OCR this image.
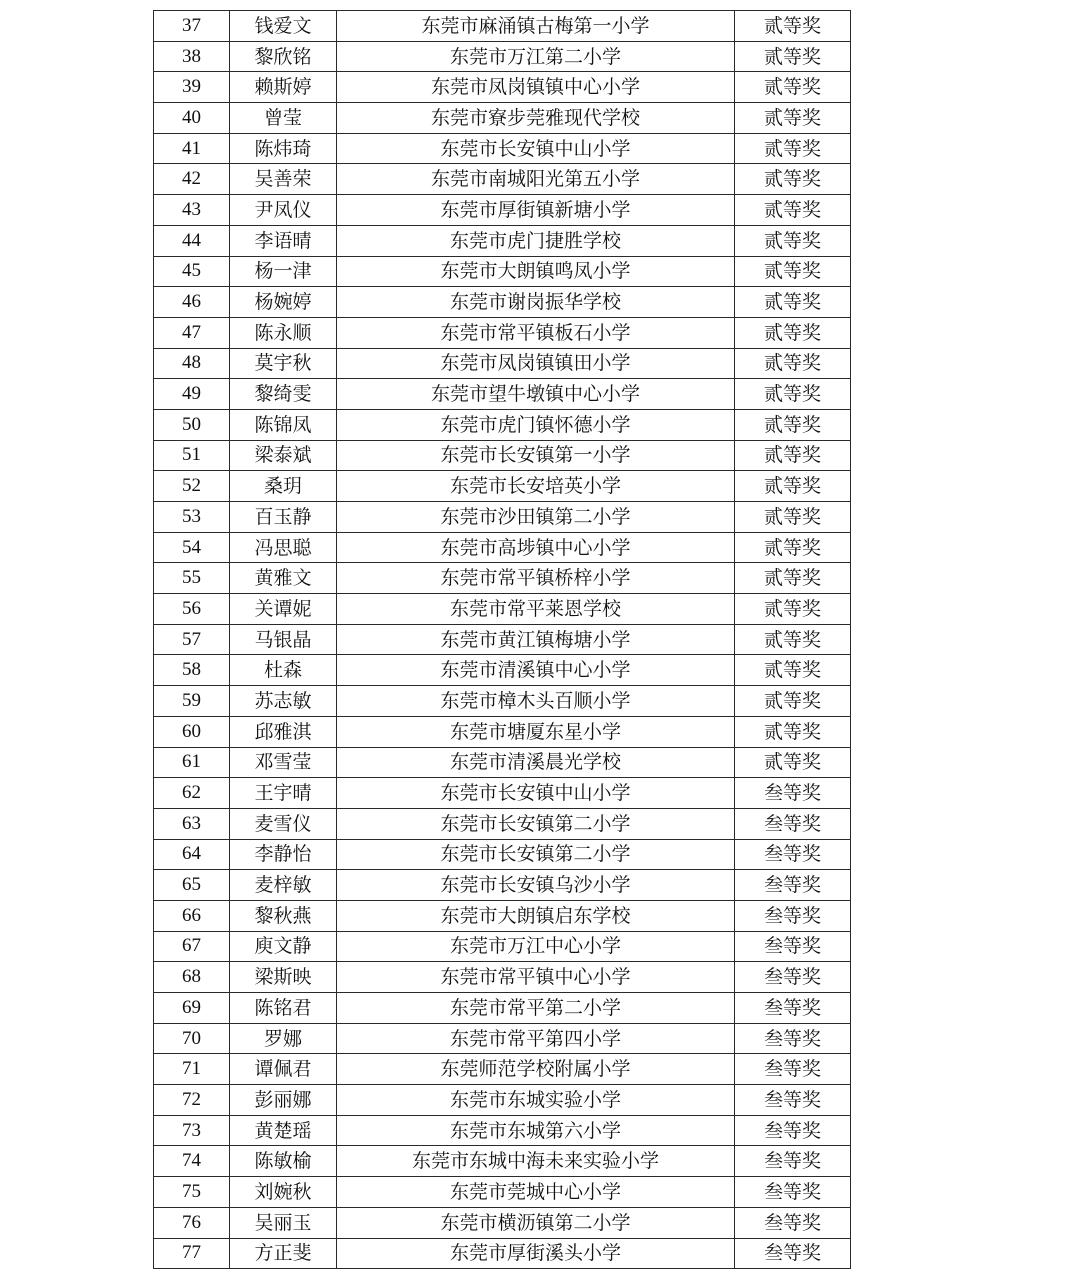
37	钱爱文	东莞市麻涌镇古梅第一小学	贰等奖
38	黎欣铭	东莞市万江第二小学	贰等奖
39	赖斯婷	东莞市凤岗镇镇中心小学	贰等奖
40	曾莹	东莞市寮步莞雅现代学校	贰等奖
41	陈炜琦	东莞市长安镇中山小学	贰等奖
42	吴善荣	东莞市南城阳光第五小学	贰等奖
43	尹凤仪	东莞市厚街镇新塘小学	贰等奖
44	李语晴	东莞市虎门捷胜学校	贰等奖
45	杨一津	东莞市大朗镇鸣凤小学	贰等奖
46	杨婉婷	东莞市谢岗振华学校	贰等奖
47	陈永顺	东莞市常平镇板石小学	贰等奖
48	莫宇秋	东莞市凤岗镇镇田小学	贰等奖
49	黎绮雯	东莞市望牛墩镇中心小学	贰等奖
50	陈锦凤	东莞市虎门镇怀德小学	贰等奖
51	梁泰斌	东莞市长安镇第一小学	贰等奖
52	桑玥	东莞市长安培英小学	贰等奖
53	百玉静	东莞市沙田镇第二小学	贰等奖
54	冯思聪	东莞市高埗镇中心小学	贰等奖
55	黄雅文	东莞市常平镇桥梓小学	贰等奖
56	关谭妮	东莞市常平莱恩学校	贰等奖
57	马银晶	东莞市黄江镇梅塘小学	贰等奖
58	杜森	东莞市清溪镇中心小学	贰等奖
59	苏志敏	东莞市樟木头百顺小学	贰等奖
60	邱雅淇	东莞市塘厦东星小学	贰等奖
61	邓雪莹	东莞市清溪晨光学校	贰等奖
62	王宇晴	东莞市长安镇中山小学	叁等奖
63	麦雪仪	东莞市长安镇第二小学	叁等奖
64	李静怡	东莞市长安镇第二小学	叁等奖
65	麦梓敏	东莞市长安镇乌沙小学	叁等奖
66	黎秋燕	东莞市大朗镇启东学校	叁等奖
67	庾文静	东莞市万江中心小学	叁等奖
68	梁斯映	东莞市常平镇中心小学	叁等奖
69	陈铭君	东莞市常平第二小学	叁等奖
70	罗娜	东莞市常平第四小学	叁等奖
71	谭佩君	东莞师范学校附属小学	叁等奖
72	彭丽娜	东莞市东城实验小学	叁等奖
73	黄楚瑶	东莞市东城第六小学	叁等奖
74	陈敏榆	东莞市东城中海未来实验小学	叁等奖
75	刘婉秋	东莞市莞城中心小学	叁等奖
76	吴丽玉	东莞市横沥镇第二小学	叁等奖
77	方正斐	东莞市厚街溪头小学	叁等奖
